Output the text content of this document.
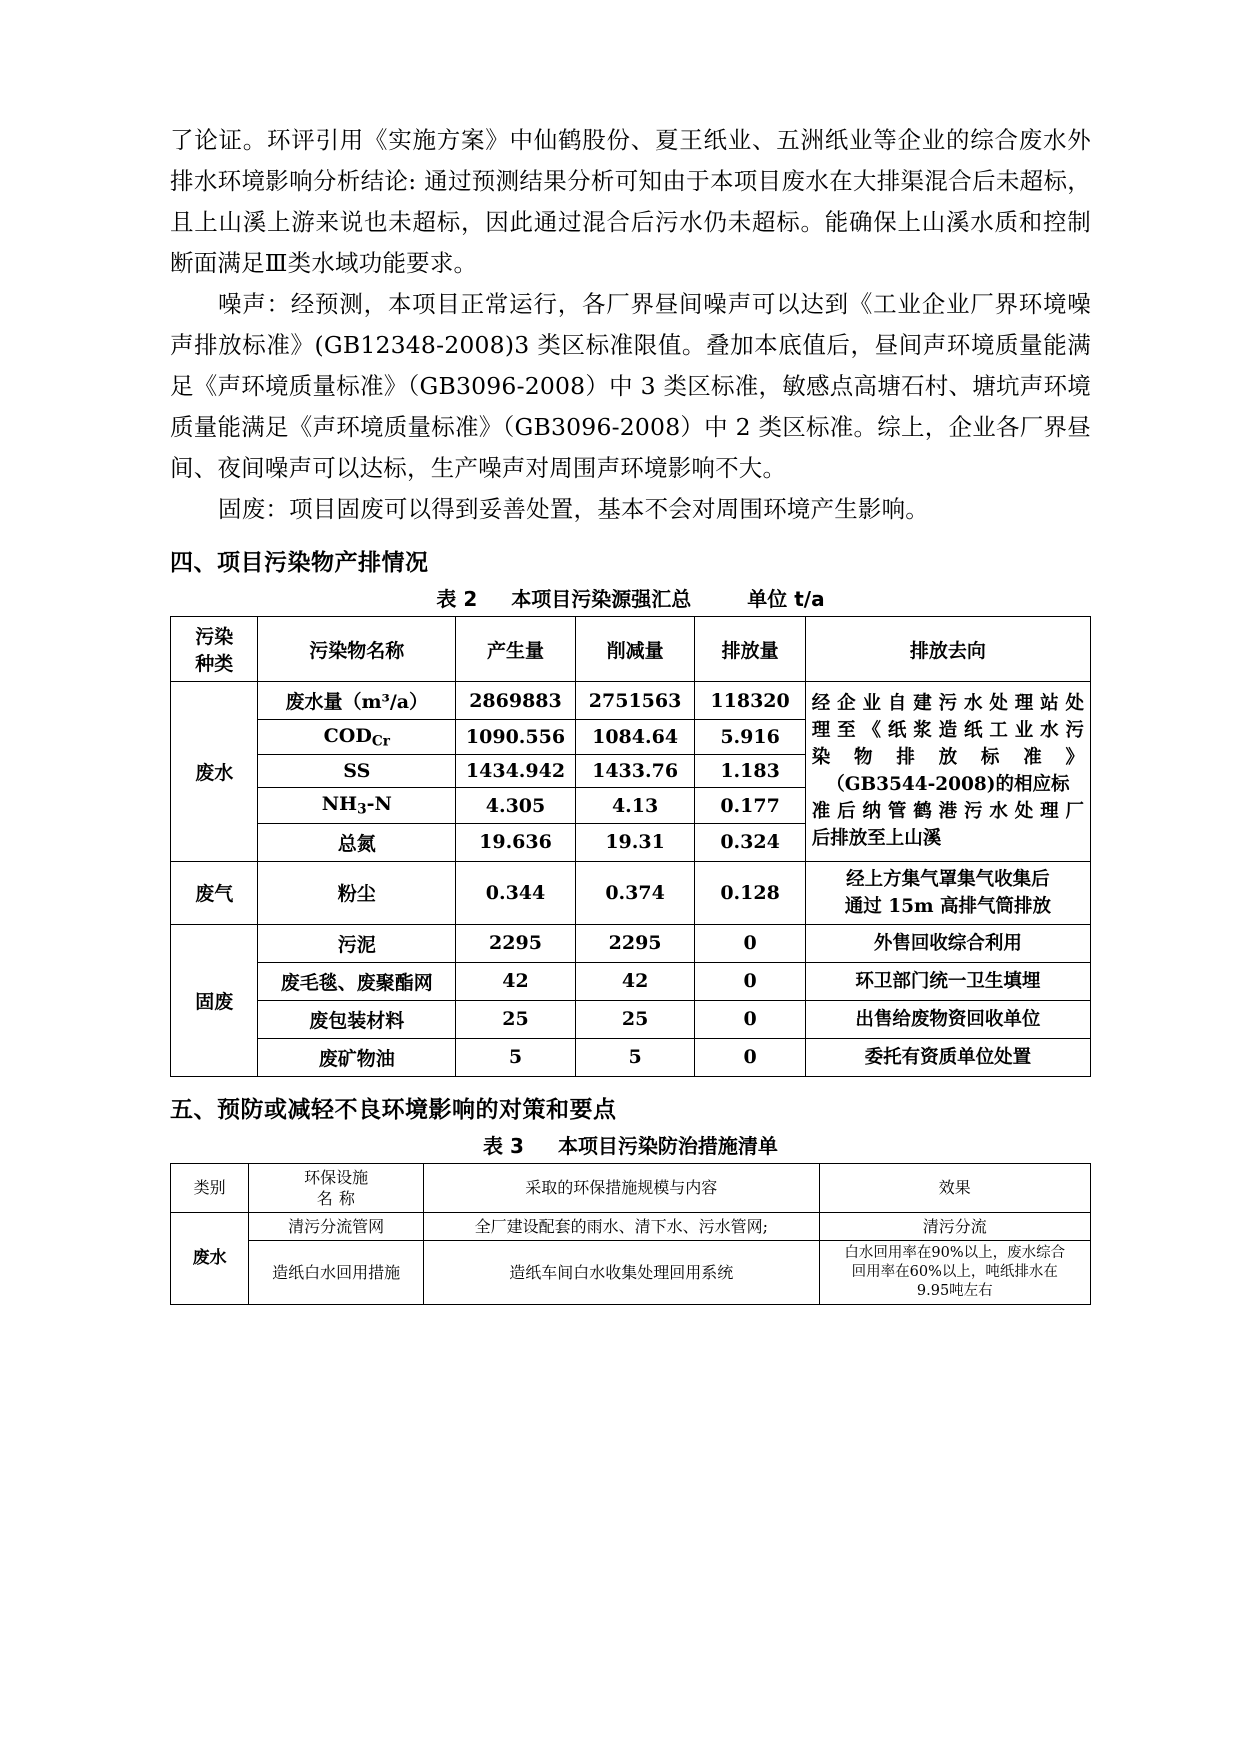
了论证。环评引用《实施方案》中仙鹤股份、夏王纸业、五洲纸业等企业的综合废水外排水环境影响分析结论: 通过预测结果分析可知由于本项目废水在大排渠混合后未超标，且上山溪上游来说也未超标，因此通过混合后污水仍未超标。能确保上山溪水质和控制断面满足Ⅲ类水域功能要求。

噪声：经预测，本项目正常运行，各厂界昼间噪声可以达到《工业企业厂界环境噪声排放标准》(GB12348-2008)3 类区标准限值。叠加本底值后，昼间声环境质量能满足《声环境质量标准》（GB3096-2008）中 3 类区标准，敏感点高塘石村、塘坑声环境质量能满足《声环境质量标准》（GB3096-2008）中 2 类区标准。综上，企业各厂界昼间、夜间噪声可以达标，生产噪声对周围声环境影响不大。

固废：项目固废可以得到妥善处置，基本不会对周围环境产生影响。

四、项目污染物产排情况
表 2 本项目污染源强汇总	单位 t/a
污染
种类	污染物名称	产生量	削减量	排放量	排放去向
废水	废水量（m³/a）	2869883	2751563	118320	经企业自建污水处理站处
理至《纸浆造纸工业水污
染物排放标准》
（GB3544-2008)的相应标
准后纳管鹤港污水处理厂
后排放至上山溪

	$COD_{Cr}$	1090.556	1084.64	5.916	
	SS	1434.942	1433.76	1.183	
	$NH_3-N$	4.305	4.13	0.177	
	总氮	19.636	19.31	0.324	
废气	粉尘	0.344	0.374	0.128	经上方集气罩集气收集后
通过 15m 高排气筒排放

固废	污泥	2295	2295	0	外售回收综合利用
	废毛毯、废聚酯网	42	42	0	环卫部门统一卫生填埋
	废包装材料	25	25	0	出售给废物资回收单位
	废矿物油	5	5	0	委托有资质单位处置
五、预防或减轻不良环境影响的对策和要点
表 3 本项目污染防治措施清单
类别	环保设施
名 称	采取的环保措施规模与内容	效果
废水	清污分流管网	全厂建设配套的雨水、清下水、污水管网;	清污分流
	造纸白水回用措施	造纸车间白水收集处理回用系统	白水回用率在90%以上，废水综合
回用率在60%以上，吨纸排水在
9.95吨左右
